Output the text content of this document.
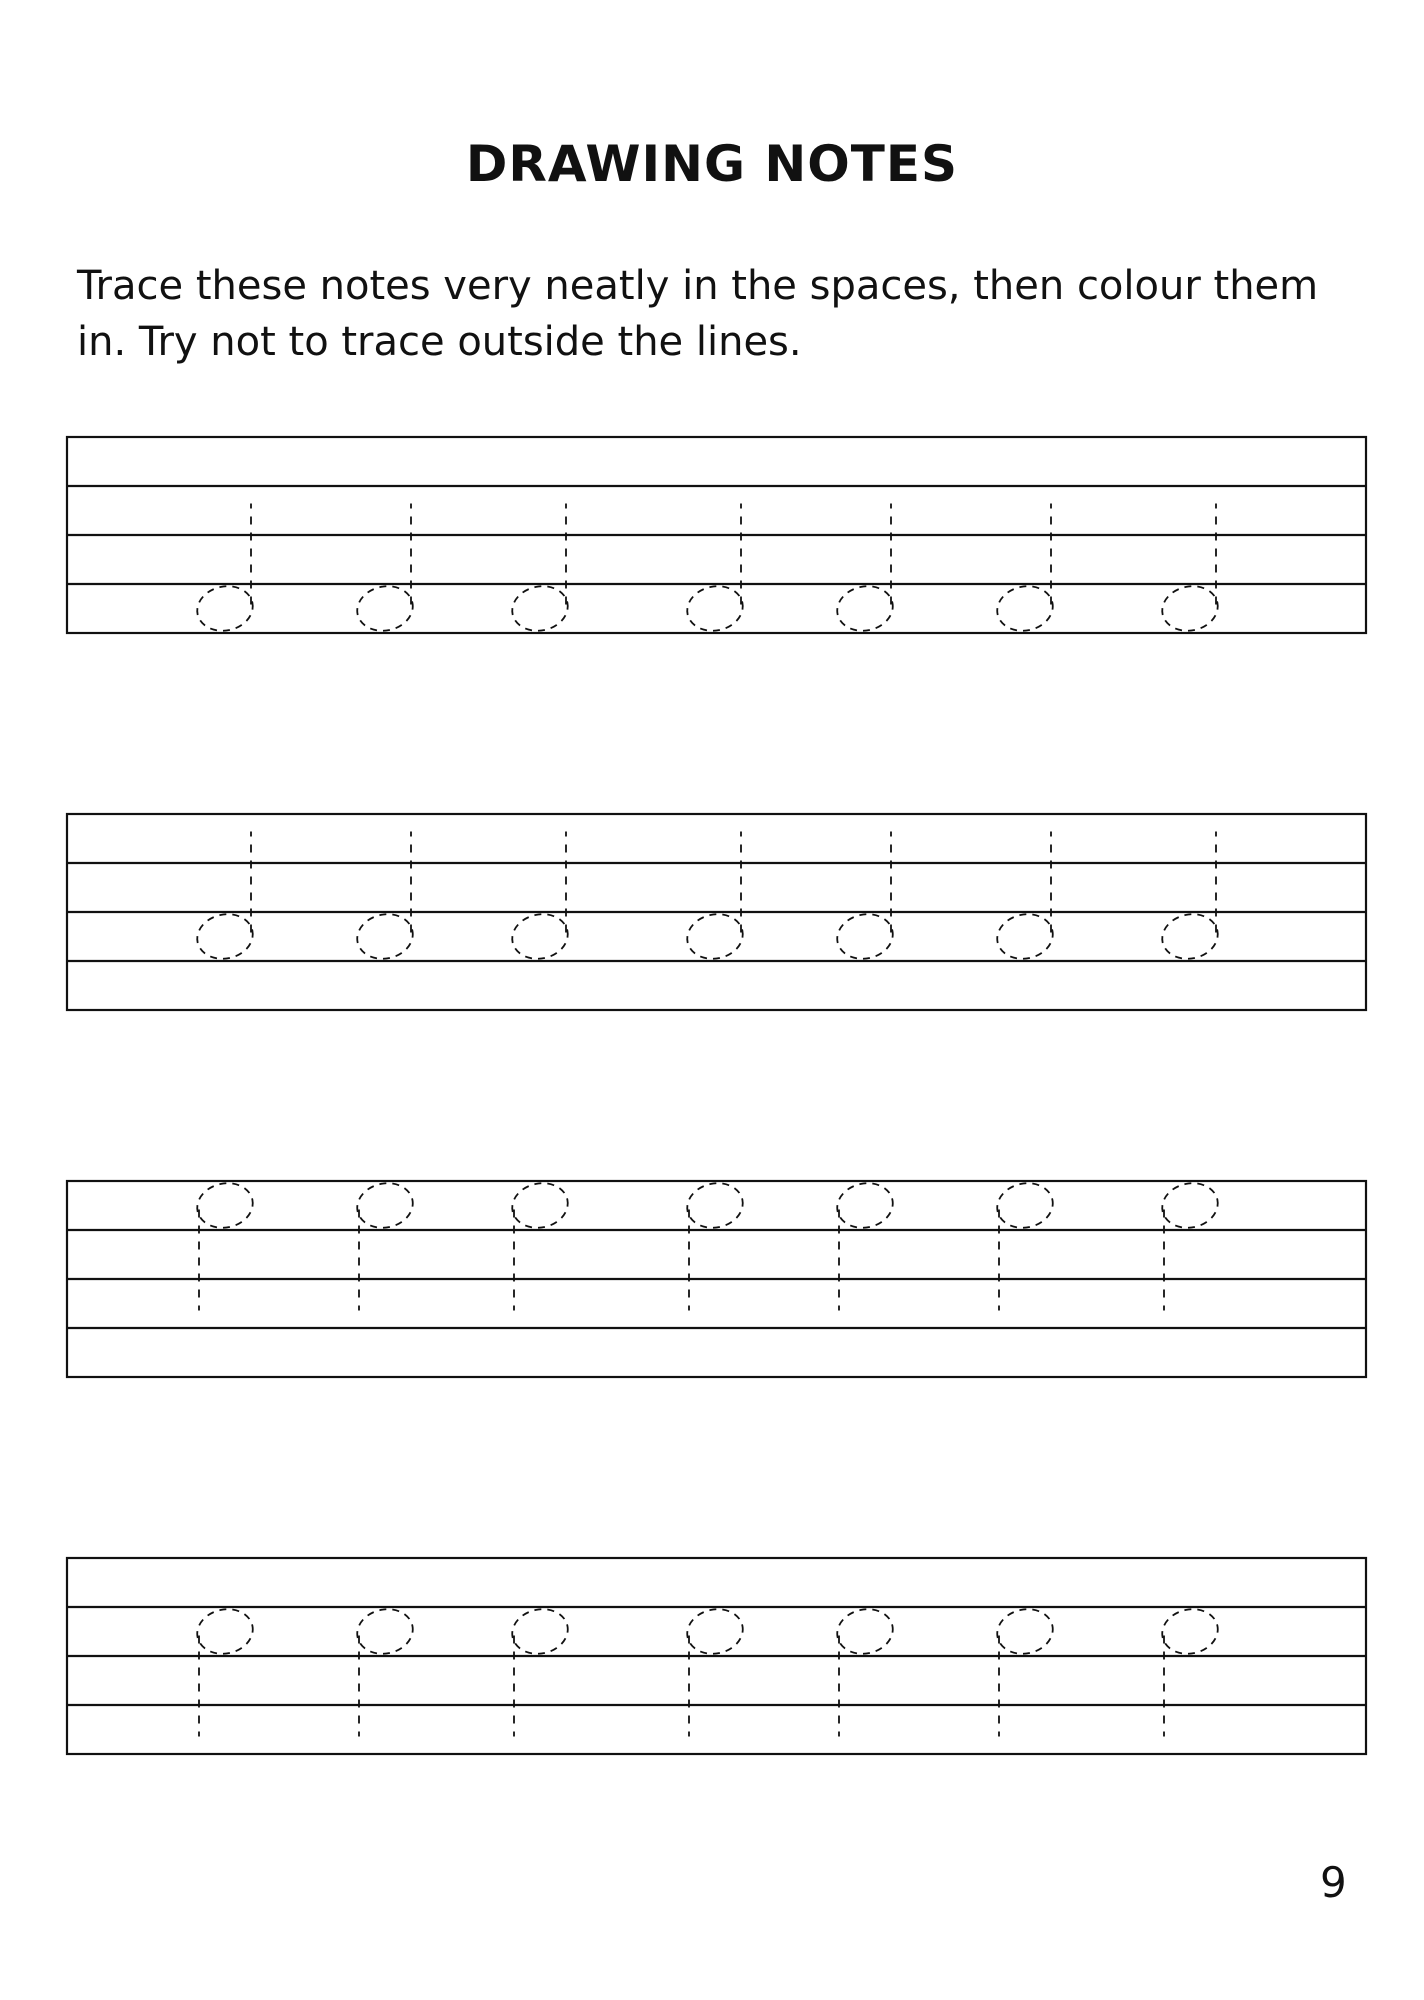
DRAWING NOTES

Trace these notes very neatly in the spaces, then colour them in. Try not to trace outside the lines.

9
